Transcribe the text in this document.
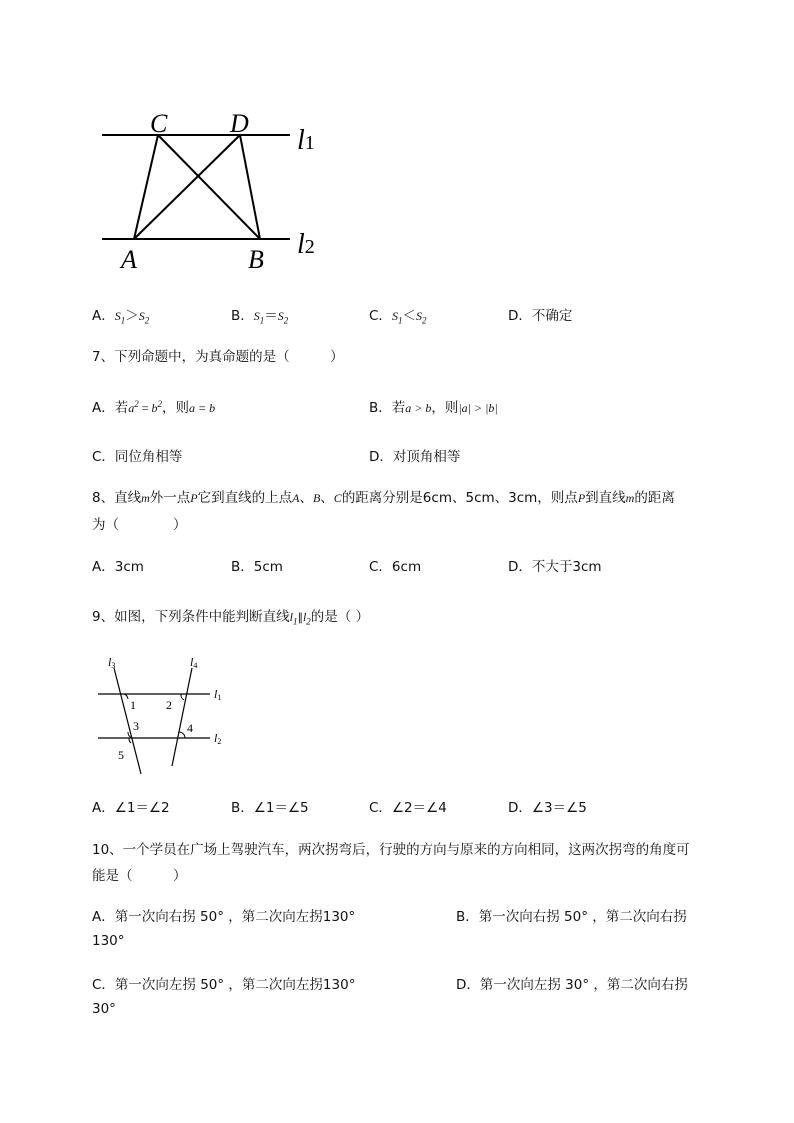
C D
A	B
l1
l2
A．$S_1>S_2$	B．$S_1=S_2$	C．$S_1<S_2$	D．不确定
7、下列命题中，为真命题的是（　　　）
A．若$a^2 = b^2$，则a = b	B．若a > b，则|a| > |b|
C．同位角相等	D．对顶角相等
8、直线m外一点P它到直线的上点A、B、C的距离分别是6cm、5cm、3cm，则点P到直线m的距离
为（　　　　）
A．3cm	B．5cm	C．6cm	D．不大于3cm
9、如图，下列条件中能判断直线$l_1\parallel l_2$的是（ ）
l3	l4
l1
l2
1	2
3	4
5
A．∠1＝∠2	B．∠1＝∠5	C．∠2＝∠4	D．∠3＝∠5
10、一个学员在广场上驾驶汽车，两次拐弯后，行驶的方向与原来的方向相同，这两次拐弯的角度可
能是（　　　）
A．第一次向右拐 50° ，第二次向左拐130°	B．第一次向右拐 50° ，第二次向右拐
130°
C．第一次向左拐 50° ，第二次向左拐130°	D．第一次向左拐 30° ，第二次向右拐
30°
